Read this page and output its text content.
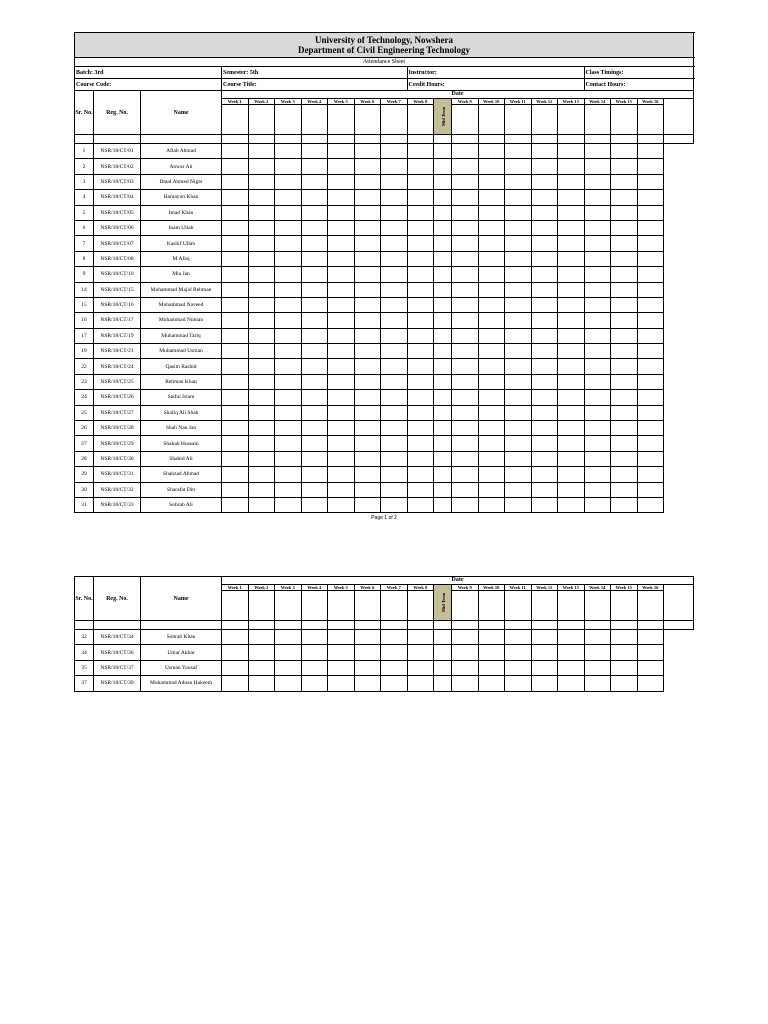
University of Technology, Nowshera
Department of Civil Engineering Technology																					

Attendance Sheet																					
Batch: 3rd			Semester: 5th							Instructor:							Class Timings:				
Course Code:			Course Title:							Credit Hours:							Contact Hours:				
Sr. No.	Reg. No.	Name	Date	
			Week 1	Week 2	Week 3	Week 4	Week 5	Week 6	Week 7	Week 8	Mid Term	Week 9	Week 10	Week 11	Week 12	Week 13	Week 14	Week 15	Week 16		

1	NSR/18/CT/01	Aftab Ahmad																			
2	NSR/18/CT/02	Anwar Ali																			
3	NSR/18/CT/03	Daud Ahmed Nigar																			
4	NSR/18/CT/04	Hamayun Khan																			
5	NSR/18/CT/05	Imad Khan																			
6	NSR/18/CT/06	Inam Ullah																			
7	NSR/18/CT/07	Kashif Ullah																			
8	NSR/18/CT/08	M Afaq																			
9	NSR/18/CT/10	Mia Jan																			
14	NSR/18/CT/15	Muhammad Majid Rehman																			
15	NSR/18/CT/16	Muhammad Naveed																			
16	NSR/18/CT/17	Muhammad Numan																			
17	NSR/18/CT/19	Muhammad Tariq																			
19	NSR/18/CT/21	Muhammad Usman																			
22	NSR/18/CT/24	Qasim Rashid																			
23	NSR/18/CT/25	Rehman Khan																			
24	NSR/18/CT/26	Saiful Islam																			
25	NSR/18/CT/27	Shafiq Ali Shah																			
26	NSR/18/CT/28	Shah Nan Jan																			
27	NSR/18/CT/29	Shahab Hussain																			
28	NSR/18/CT/30	Shahid Ali																			
29	NSR/18/CT/31	Shahzad Ahmad																			
30	NSR/18/CT/32	Sharafat Din																			
31	NSR/18/CT/33	Sohrab Ali																			
Page 1 of 2
Sr. No.	Reg. No.	Name	Date	
			Week 1	Week 2	Week 3	Week 4	Week 5	Week 6	Week 7	Week 8	Mid Term	Week 9	Week 10	Week 11	Week 12	Week 13	Week 14	Week 15	Week 16		

32	NSR/18/CT/34	Sohrab Khan																			
34	NSR/18/CT/36	Umar Akbar																			
35	NSR/18/CT/37	Usman Yousaf																			
37	NSR/18/CT/39	Muhammad Adnan Hakeem																			
